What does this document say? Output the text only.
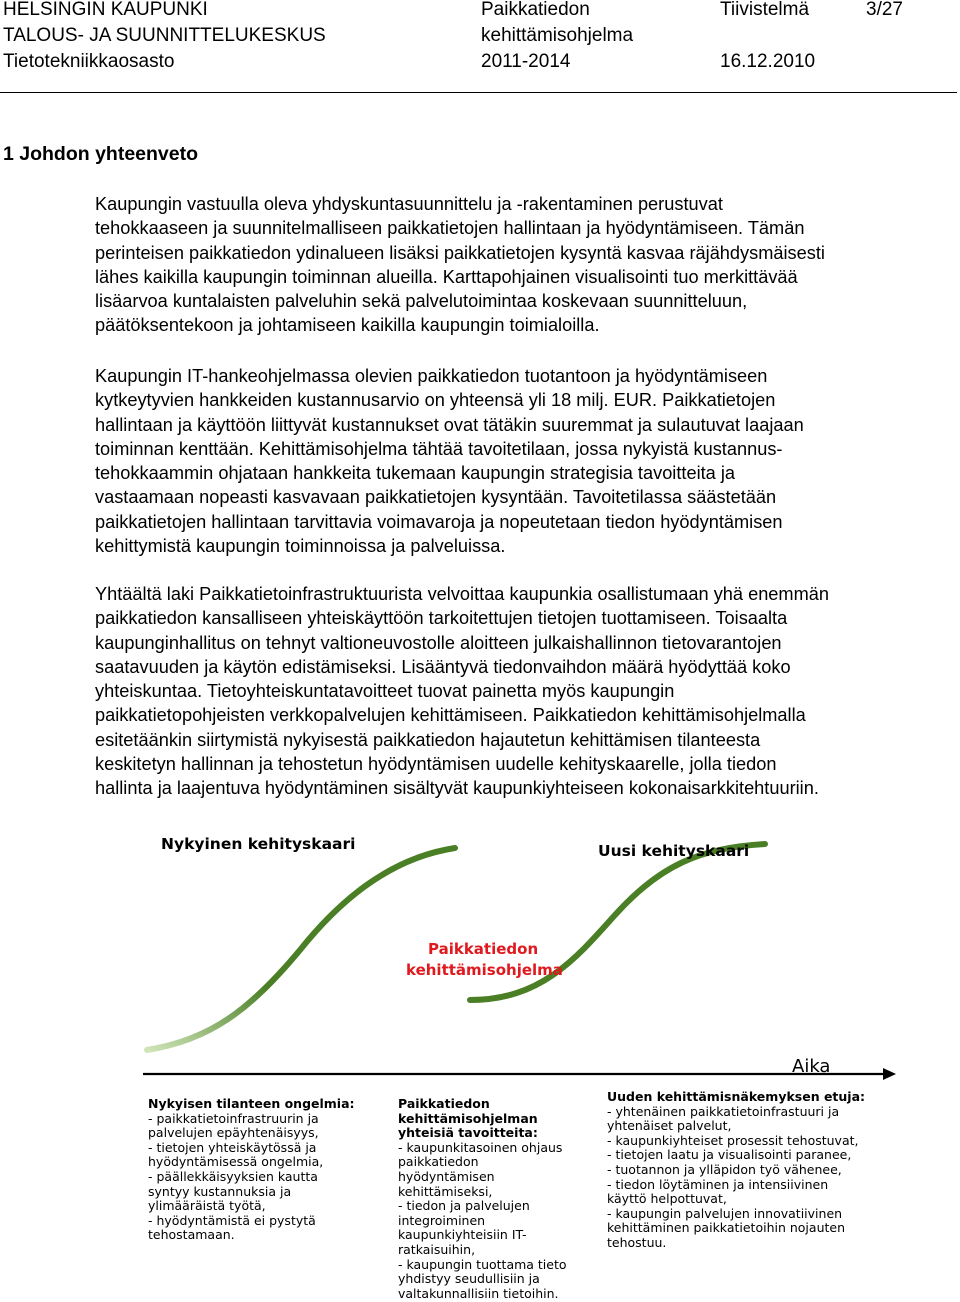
HELSINGIN KAUPUNKI
TALOUS- JA SUUNNITTELUKESKUS
Tietotekniikkaosasto
Paikkatiedon
kehittämisohjelma
2011-2014
Tiivistelmä
16.12.2010
3/27
1 Johdon yhteenveto
Kaupungin vastuulla oleva yhdyskuntasuunnittelu ja -rakentaminen perustuvat
tehokkaaseen ja suunnitelmalliseen paikkatietojen hallintaan ja hyödyntämiseen. Tämän
perinteisen paikkatiedon ydinalueen lisäksi paikkatietojen kysyntä kasvaa räjähdysmäisesti
lähes kaikilla kaupungin toiminnan alueilla. Karttapohjainen visualisointi tuo merkittävää
lisäarvoa kuntalaisten palveluhin sekä palvelutoimintaa koskevaan suunnitteluun,
päätöksentekoon ja johtamiseen kaikilla kaupungin toimialoilla.
Kaupungin IT-hankeohjelmassa olevien paikkatiedon tuotantoon ja hyödyntämiseen
kytkeytyvien hankkeiden kustannusarvio on yhteensä yli 18 milj. EUR. Paikkatietojen
hallintaan ja käyttöön liittyvät kustannukset ovat tätäkin suuremmat ja sulautuvat laajaan
toiminnan kenttään. Kehittämisohjelma tähtää tavoitetilaan, jossa nykyistä kustannus-
tehokkaammin ohjataan hankkeita tukemaan kaupungin strategisia tavoitteita ja
vastaamaan nopeasti kasvavaan paikkatietojen kysyntään. Tavoitetilassa säästetään
paikkatietojen hallintaan tarvittavia voimavaroja ja nopeutetaan tiedon hyödyntämisen
kehittymistä kaupungin toiminnoissa ja palveluissa.
Yhtäältä laki Paikkatietoinfrastruktuurista velvoittaa kaupunkia osallistumaan yhä enemmän
paikkatiedon kansalliseen yhteiskäyttöön tarkoitettujen tietojen tuottamiseen. Toisaalta
kaupunginhallitus on tehnyt valtioneuvostolle aloitteen julkaishallinnon tietovarantojen
saatavuuden ja käytön edistämiseksi. Lisääntyvä tiedonvaihdon määrä hyödyttää koko
yhteiskuntaa. Tietoyhteiskuntatavoitteet tuovat painetta myös kaupungin
paikkatietopohjeisten verkkopalvelujen kehittämiseen. Paikkatiedon kehittämisohjelmalla
esitetäänkin siirtymistä nykyisestä paikkatiedon hajautetun kehittämisen tilanteesta
keskitetyn hallinnan ja tehostetun hyödyntämisen uudelle kehityskaarelle, jolla tiedon
hallinta ja laajentuva hyödyntäminen sisältyvät kaupunkiyhteiseen kokonaisarkkitehtuuriin.
Nykyinen kehityskaari	Uusi kehityskaari
Paikkatiedon
kehittämisohjelma
Aika
Nykyisen tilanteen ongelmia:
- paikkatietoinfrastruurin ja
palvelujen epäyhtenäisyys,
- tietojen yhteiskäytössä ja
hyödyntämisessä ongelmia,
- päällekkäisyyksien kautta
syntyy kustannuksia ja
ylimääräistä työtä,
- hyödyntämistä ei pystytä
tehostamaan.
Paikkatiedon
kehittämisohjelman
yhteisiä tavoitteita:
- kaupunkitasoinen ohjaus
paikkatiedon
hyödyntämisen
kehittämiseksi,
- tiedon ja palvelujen
integroiminen
kaupunkiyhteisiin IT-
ratkaisuihin,
- kaupungin tuottama tieto
yhdistyy seudullisiin ja
valtakunnallisiin tietoihin.
Uuden kehittämisnäkemyksen etuja:
- yhtenäinen paikkatietoinfrastuuri ja
yhtenäiset palvelut,
- kaupunkiyhteiset prosessit tehostuvat,
- tietojen laatu ja visualisointi paranee,
- tuotannon ja ylläpidon työ vähenee,
- tiedon löytäminen ja intensiivinen
käyttö helpottuvat,
- kaupungin palvelujen innovatiivinen
kehittäminen paikkatietoihin nojauten
tehostuu.
